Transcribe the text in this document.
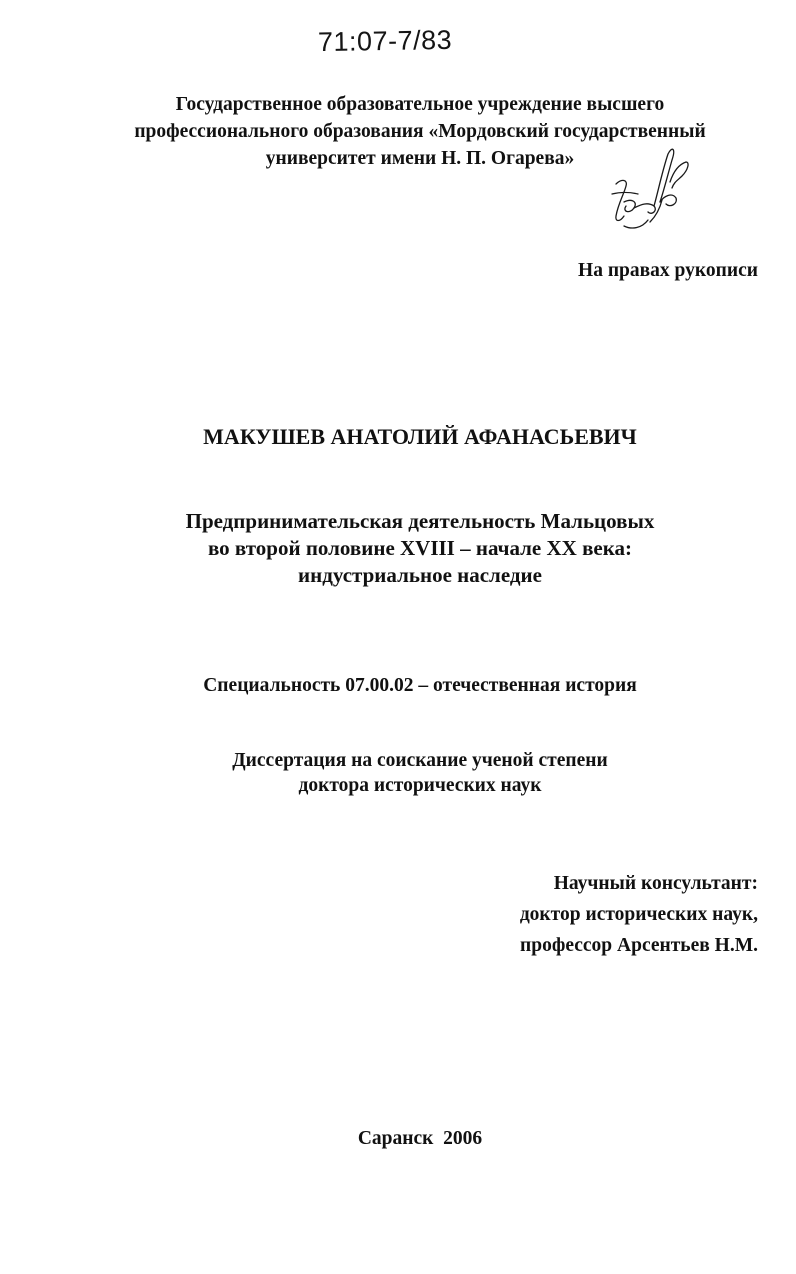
71:07-7/83
Государственное образовательное учреждение высшего
профессионального образования «Мордовский государственный
университет имени Н. П. Огарева»
На правах рукописи
МАКУШЕВ АНАТОЛИЙ АФАНАСЬЕВИЧ
Предпринимательская деятельность Мальцовых
во второй половине XVIII – начале XX века:
индустриальное наследие
Специальность 07.00.02 – отечественная история
Диссертация на соискание ученой степени
доктора исторических наук
Научный консультант:
доктор исторических наук,
профессор Арсентьев Н.М.
Саранск  2006
